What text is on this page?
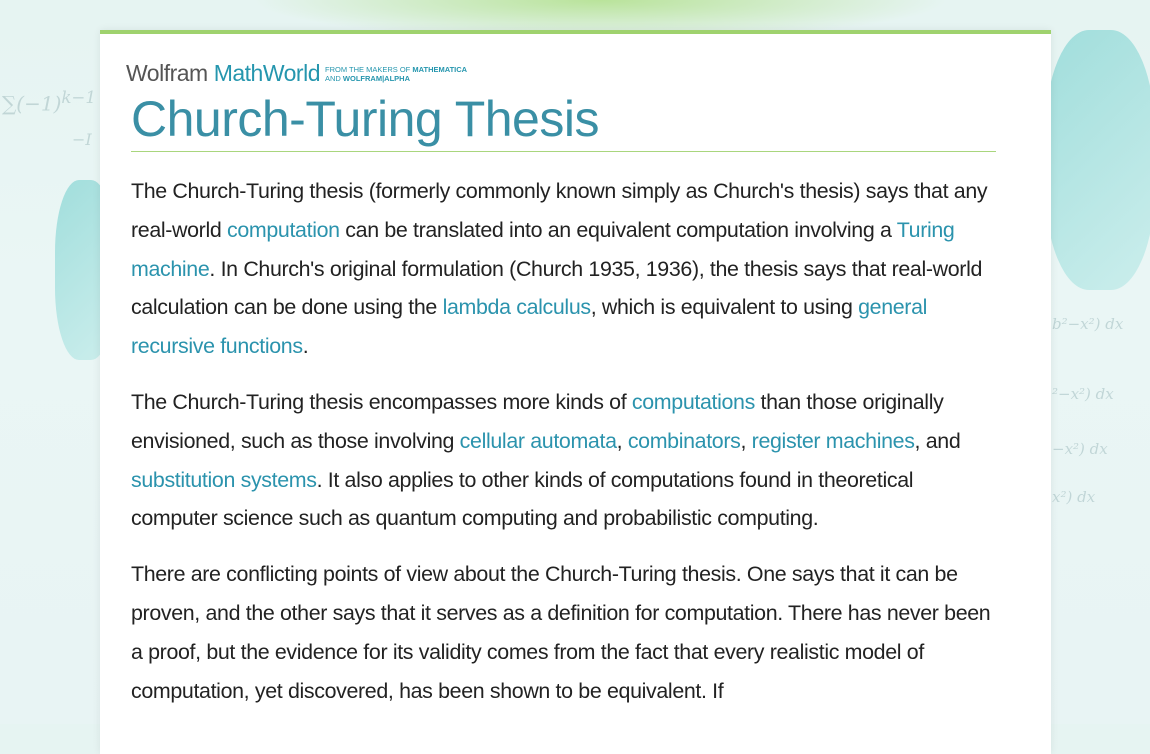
$\sum(-1)^{k-1}$
−I
b²−x²) dx
²−x²) dx
−x²) dx
x²) dx
Wolfram MathWorld FROM THE MAKERS OF MATHEMATICA
AND WOLFRAM|ALPHA
Church-Turing Thesis

The Church-Turing thesis (formerly commonly known simply as Church's thesis) says that any real-world computation can be translated into an equivalent computation involving a Turing machine. In Church's original formulation (Church 1935, 1936), the thesis says that real-world calculation can be done using the lambda calculus, which is equivalent to using general recursive functions.

The Church-Turing thesis encompasses more kinds of computations than those originally envisioned, such as those involving cellular automata, combinators, register machines, and substitution systems. It also applies to other kinds of computations found in theoretical computer science such as quantum computing and probabilistic computing.

There are conflicting points of view about the Church-Turing thesis. One says that it can be proven, and the other says that it serves as a definition for computation. There has never been a proof, but the evidence for its validity comes from the fact that every realistic model of computation, yet discovered, has been shown to be equivalent. If
